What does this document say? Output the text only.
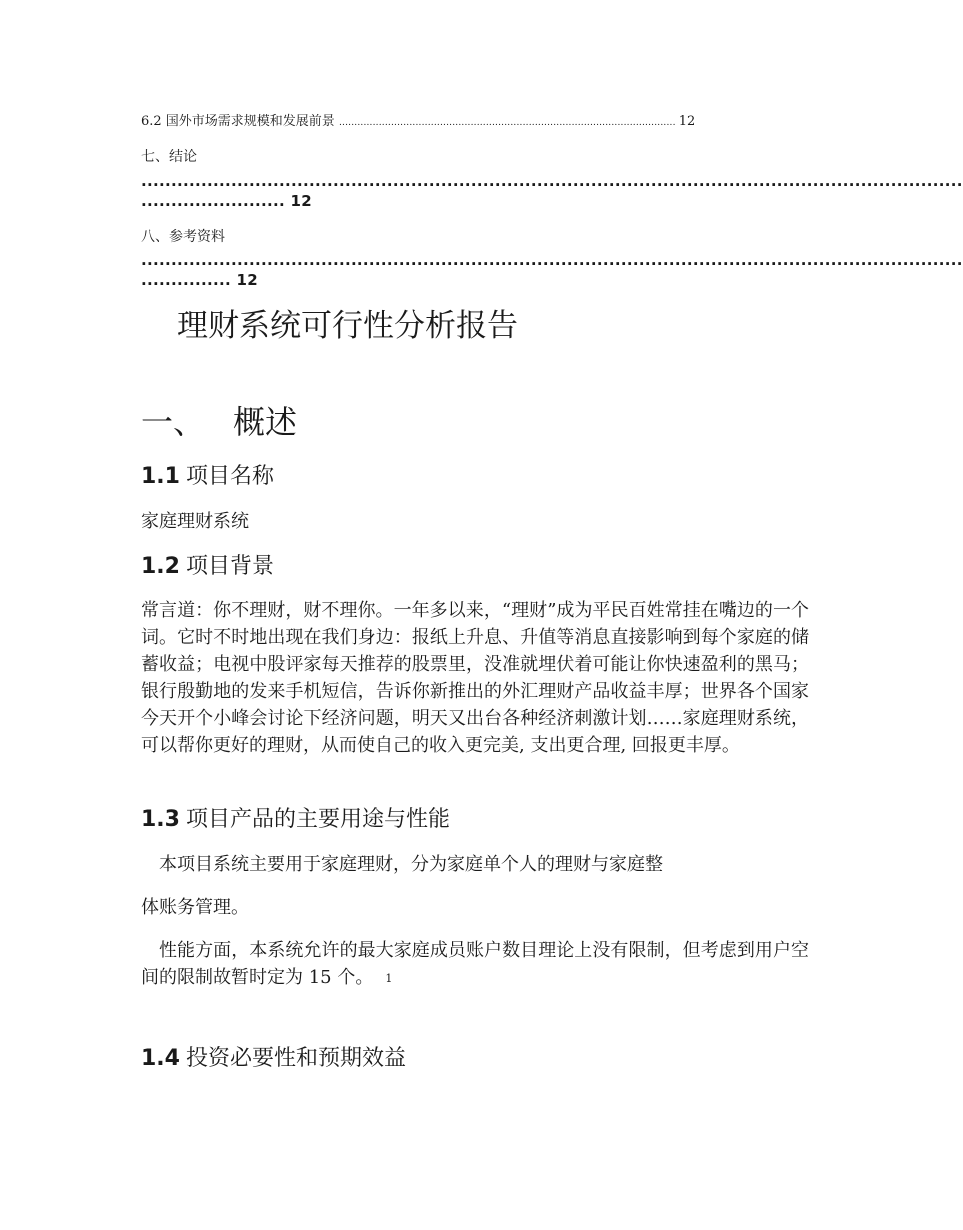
6.2 国外市场需求规模和发展前景 .............................................................................................................. 12
七、结论
.........................................................................................................................................
........................ 12
八、参考资料
.........................................................................................................................................
............... 12
理财系统可行性分析报告
一、 概述
1.1 项目名称

家庭理财系统

1.2 项目背景

常言道：你不理财，财不理你。一年多以来，“理财”成为平民百姓常挂在嘴边的一个词。它时不时地出现在我们身边：报纸上升息、升值等消息直接影响到每个家庭的储蓄收益；电视中股评家每天推荐的股票里，没准就埋伏着可能让你快速盈利的黑马；银行殷勤地的发来手机短信，告诉你新推出的外汇理财产品收益丰厚；世界各个国家今天开个小峰会讨论下经济问题，明天又出台各种经济刺激计划……家庭理财系统，可以帮你更好的理财，从而使自己的收入更完美, 支出更合理, 回报更丰厚。

1.3 项目产品的主要用途与性能

本项目系统主要用于家庭理财，分为家庭单个人的理财与家庭整

体账务管理。

性能方面，本系统允许的最大家庭成员账户数目理论上没有限制，但考虑到用户空间的限制故暂时定为 15 个。 1

1.4 投资必要性和预期效益
